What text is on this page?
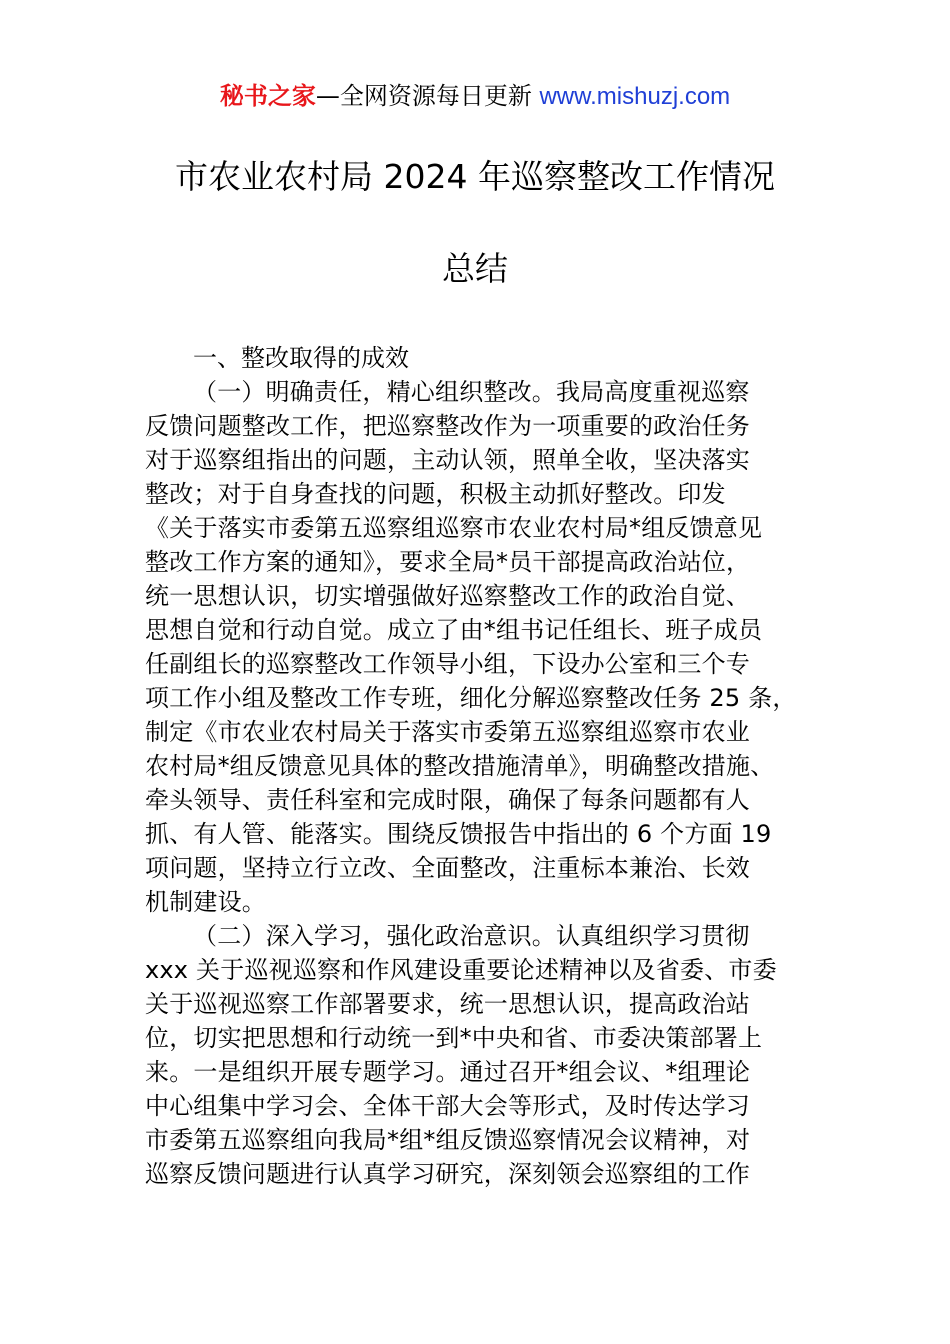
秘书之家—全网资源每日更新 www.mishuzj.com
市农业农村局 2024 年巡察整改工作情况
总结
一、整改取得的成效
（一）明确责任，精心组织整改。我局高度重视巡察
反馈问题整改工作，把巡察整改作为一项重要的政治任务
对于巡察组指出的问题，主动认领，照单全收，坚决落实
整改；对于自身查找的问题，积极主动抓好整改。印发
《关于落实市委第五巡察组巡察市农业农村局*组反馈意见
整改工作方案的通知》，要求全局*员干部提高政治站位，
统一思想认识，切实增强做好巡察整改工作的政治自觉、
思想自觉和行动自觉。成立了由*组书记任组长、班子成员
任副组长的巡察整改工作领导小组，下设办公室和三个专
项工作小组及整改工作专班，细化分解巡察整改任务 25 条，
制定《市农业农村局关于落实市委第五巡察组巡察市农业
农村局*组反馈意见具体的整改措施清单》，明确整改措施、
牵头领导、责任科室和完成时限，确保了每条问题都有人
抓、有人管、能落实。围绕反馈报告中指出的 6 个方面 19
项问题，坚持立行立改、全面整改，注重标本兼治、长效
机制建设。
（二）深入学习，强化政治意识。认真组织学习贯彻
xxx 关于巡视巡察和作风建设重要论述精神以及省委、市委
关于巡视巡察工作部署要求，统一思想认识，提高政治站
位，切实把思想和行动统一到*中央和省、市委决策部署上
来。一是组织开展专题学习。通过召开*组会议、*组理论
中心组集中学习会、全体干部大会等形式，及时传达学习
市委第五巡察组向我局*组*组反馈巡察情况会议精神，对
巡察反馈问题进行认真学习研究，深刻领会巡察组的工作
